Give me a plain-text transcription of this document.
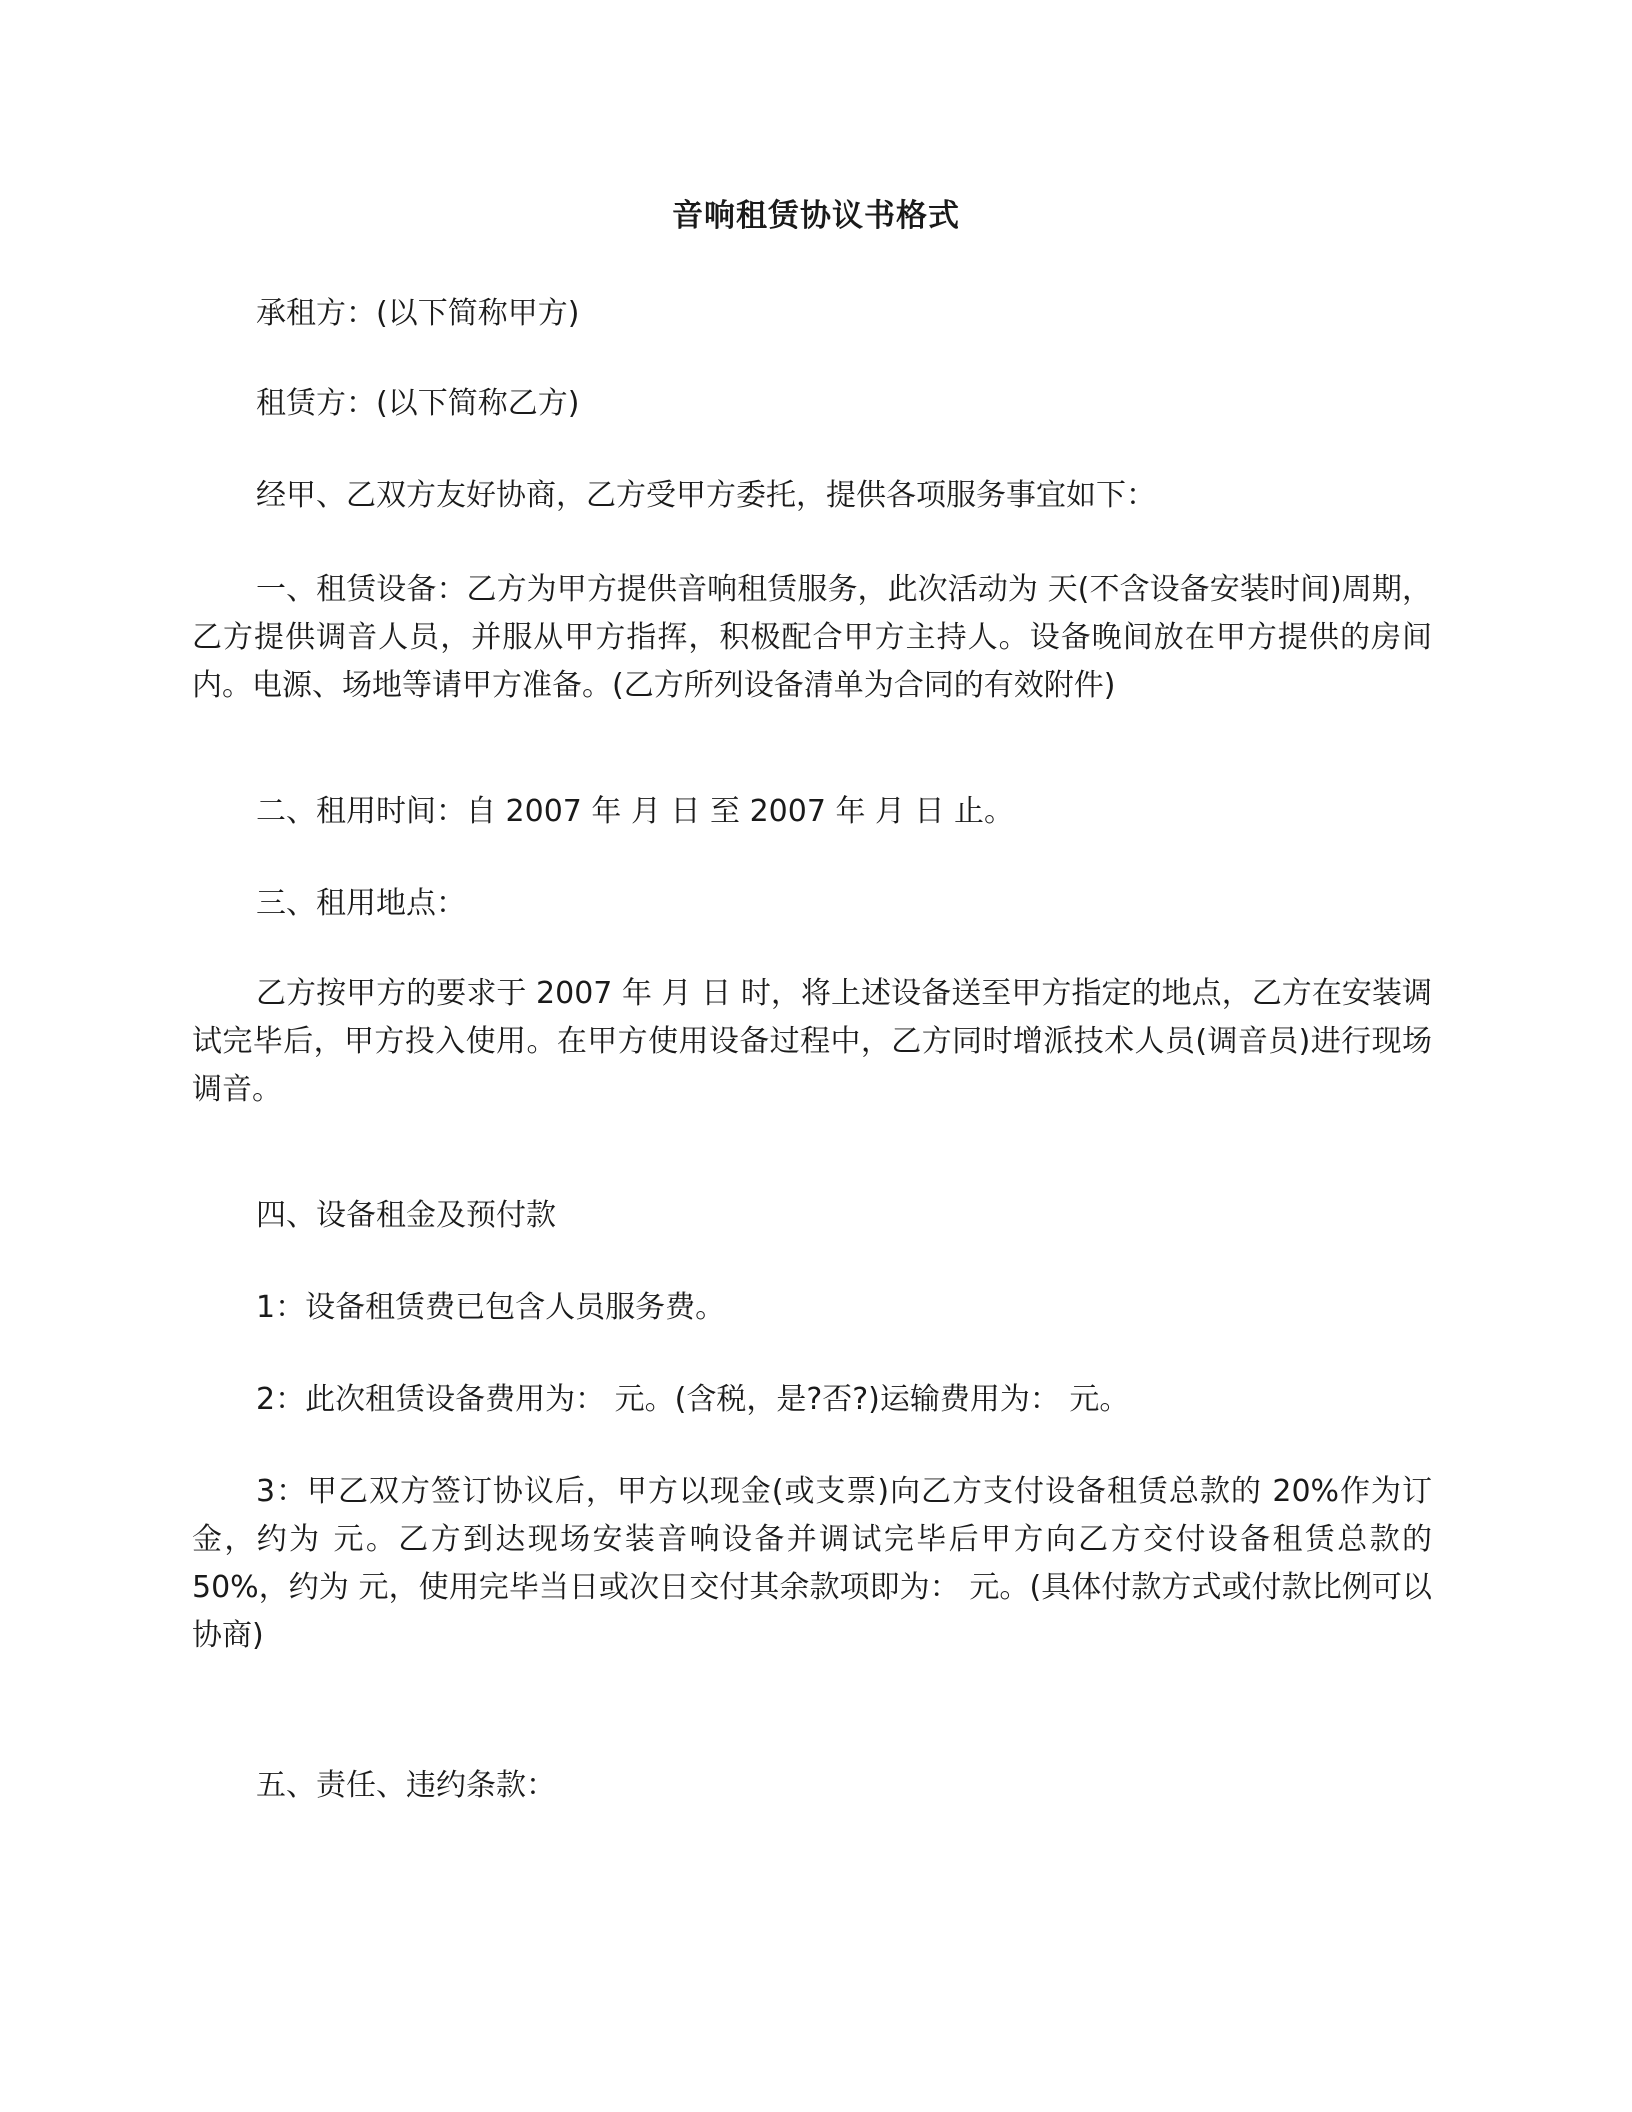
音响租赁协议书格式

承租方：(以下简称甲方)

租赁方：(以下简称乙方)

经甲、乙双方友好协商，乙方受甲方委托，提供各项服务事宜如下：

一、租赁设备：乙方为甲方提供音响租赁服务，此次活动为 天(不含设备安装时间)周期，乙方提供调音人员，并服从甲方指挥，积极配合甲方主持人。设备晚间放在甲方提供的房间内。电源、场地等请甲方准备。(乙方所列设备清单为合同的有效附件)

二、租用时间：自 2007 年 月 日 至 2007 年 月 日 止。

三、租用地点：

乙方按甲方的要求于 2007 年 月 日 时，将上述设备送至甲方指定的地点，乙方在安装调试完毕后，甲方投入使用。在甲方使用设备过程中，乙方同时增派技术人员(调音员)进行现场调音。

四、设备租金及预付款

1：设备租赁费已包含人员服务费。

2：此次租赁设备费用为： 元。(含税，是?否?)运输费用为： 元。

3：甲乙双方签订协议后，甲方以现金(或支票)向乙方支付设备租赁总款的 20%作为订金，约为 元。乙方到达现场安装音响设备并调试完毕后甲方向乙方交付设备租赁总款的 50%，约为 元，使用完毕当日或次日交付其余款项即为： 元。(具体付款方式或付款比例可以协商)

五、责任、违约条款：
